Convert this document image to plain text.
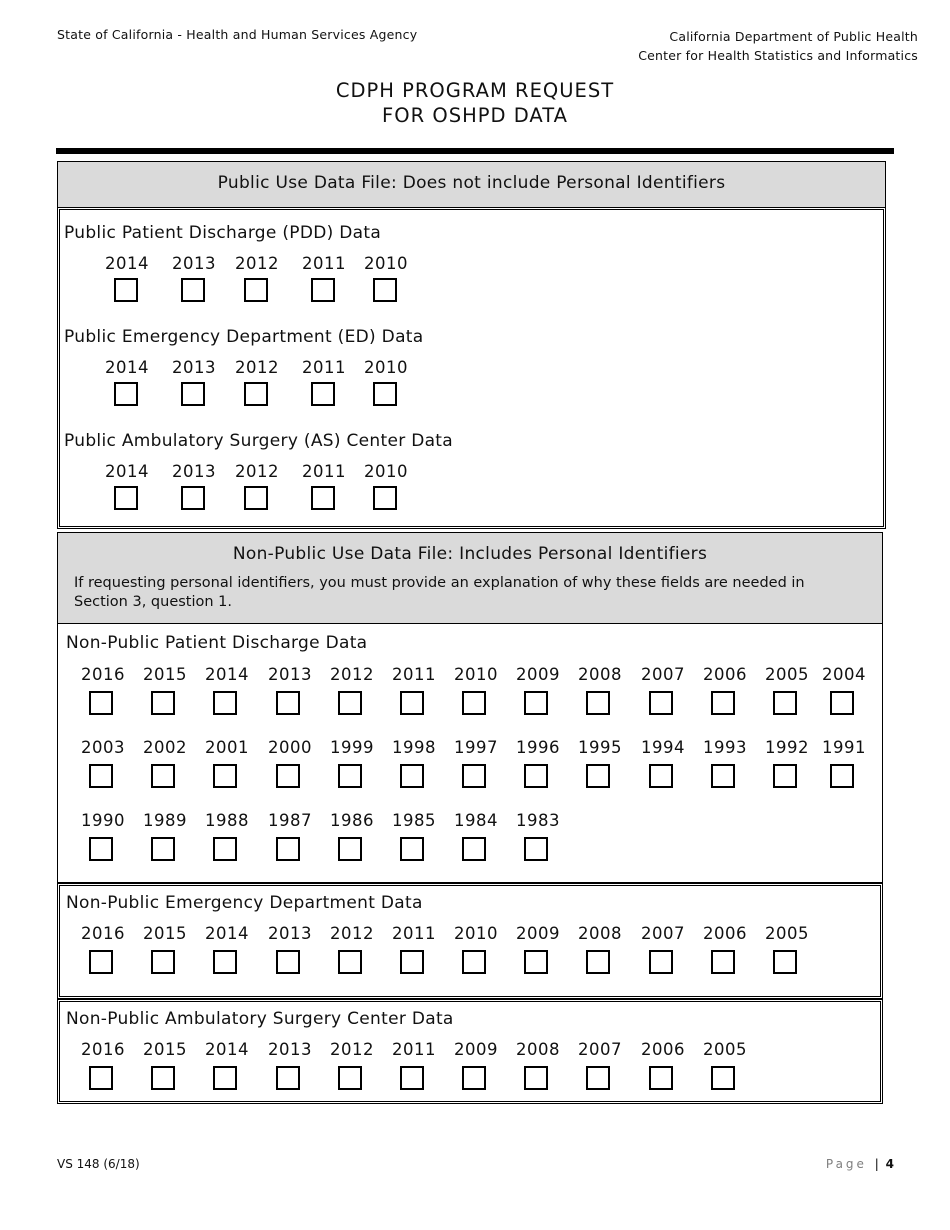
State of California - Health and Human Services Agency	California Department of Public Health
Center for Health Statistics and Informatics
CDPH PROGRAM REQUEST
FOR OSHPD DATA
Public Use Data File: Does not include Personal Identifiers
Public Patient Discharge (PDD) Data
2014 2013 2012 2011 2010
Public Emergency Department (ED) Data
2014 2013 2012 2011 2010
Public Ambulatory Surgery (AS) Center Data
2014 2013 2012 2011 2010
Non-Public Use Data File: Includes Personal Identifiers
If requesting personal identifiers, you must provide an explanation of why these fields are needed in
Section 3, question 1.
Non-Public Patient Discharge Data
2016 2015 2014 2013 2012 2011 2010 2009 2008 2007 2006 2005 2004
2003 2002 2001 2000 1999 1998 1997 1996 1995 1994 1993 1992 1991
1990 1989 1988 1987 1986 1985 1984 1983
Non-Public Emergency Department Data
2016 2015 2014 2013 2012 2011 2010 2009 2008 2007 2006 2005
Non-Public Ambulatory Surgery Center Data
2016 2015 2014 2013 2012 2011 2009 2008 2007 2006 2005
VS 148 (6/18)	Page | 4
